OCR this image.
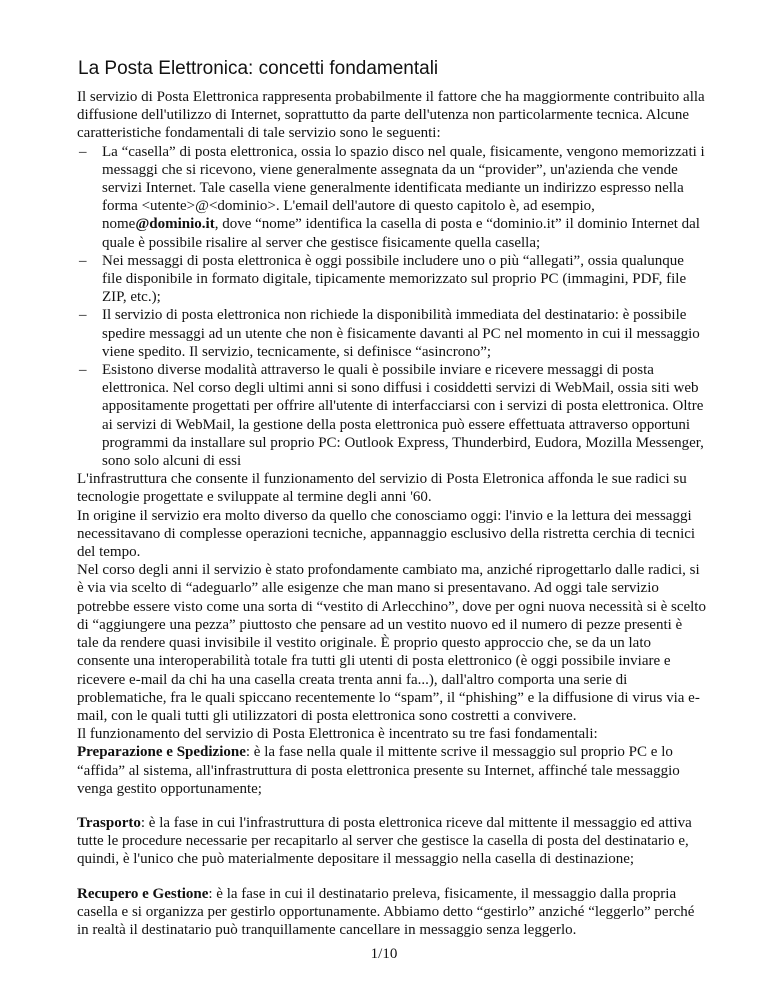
La Posta Elettronica: concetti fondamentali

Il servizio di Posta Elettronica rappresenta probabilmente il fattore che ha maggiormente contribuito alla diffusione dell'utilizzo di Internet, soprattutto da parte dell'utenza non particolarmente tecnica. Alcune caratteristiche fondamentali di tale servizio sono le seguenti:

– La “casella” di posta elettronica, ossia lo spazio disco nel quale, fisicamente, vengono memorizzati i messaggi che si ricevono, viene generalmente assegnata da un “provider”, un'azienda che vende servizi Internet. Tale casella viene generalmente identificata mediante un indirizzo espresso nella forma <utente>@<dominio>. L'email dell'autore di questo capitolo è, ad esempio, nome@dominio.it, dove “nome” identifica la casella di posta e “dominio.it” il dominio Internet dal quale è possibile risalire al server che gestisce fisicamente quella casella;
– Nei messaggi di posta elettronica è oggi possibile includere uno o più “allegati”, ossia qualunque file disponibile in formato digitale, tipicamente memorizzato sul proprio PC (immagini, PDF, file ZIP, etc.);
– Il servizio di posta elettronica non richiede la disponibilità immediata del destinatario: è possibile spedire messaggi ad un utente che non è fisicamente davanti al PC nel momento in cui il messaggio viene spedito. Il servizio, tecnicamente, si definisce “asincrono”;
– Esistono diverse modalità attraverso le quali è possibile inviare e ricevere messaggi di posta elettronica. Nel corso degli ultimi anni si sono diffusi i cosiddetti servizi di WebMail, ossia siti web appositamente progettati per offrire all'utente di interfacciarsi con i servizi di posta elettronica. Oltre ai servizi di WebMail, la gestione della posta elettronica può essere effettuata attraverso opportuni programmi da installare sul proprio PC: Outlook Express, Thunderbird, Eudora, Mozilla Messenger, sono solo alcuni di essi

L'infrastruttura che consente il funzionamento del servizio di Posta Eletronica affonda le sue radici su tecnologie progettate e sviluppate al termine degli anni '60.

In origine il servizio era molto diverso da quello che conosciamo oggi: l'invio e la lettura dei messaggi necessitavano di complesse operazioni tecniche, appannaggio esclusivo della ristretta cerchia di tecnici del tempo.

Nel corso degli anni il servizio è stato profondamente cambiato ma, anziché riprogettarlo dalle radici, si è via via scelto di “adeguarlo” alle esigenze che man mano si presentavano. Ad oggi tale servizio potrebbe essere visto come una sorta di “vestito di Arlecchino”, dove per ogni nuova necessità si è scelto di “aggiungere una pezza” piuttosto che pensare ad un vestito nuovo ed il numero di pezze presenti è tale da rendere quasi invisibile il vestito originale. È proprio questo approccio che, se da un lato consente una interoperabilità totale fra tutti gli utenti di posta elettronico (è oggi possibile inviare e ricevere e-mail da chi ha una casella creata trenta anni fa...), dall'altro comporta una serie di problematiche, fra le quali spiccano recentemente lo “spam”, il “phishing” e la diffusione di virus via e-mail, con le quali tutti gli utilizzatori di posta elettronica sono costretti a convivere.

Il funzionamento del servizio di Posta Elettronica è incentrato su tre fasi fondamentali:

Preparazione e Spedizione: è la fase nella quale il mittente scrive il messaggio sul proprio PC e lo “affida” al sistema, all'infrastruttura di posta elettronica presente su Internet, affinché tale messaggio venga gestito opportunamente;

Trasporto: è la fase in cui l'infrastruttura di posta elettronica riceve dal mittente il messaggio ed attiva tutte le procedure necessarie per recapitarlo al server che gestisce la casella di posta del destinatario e, quindi, è l'unico che può materialmente depositare il messaggio nella casella di destinazione;

Recupero e Gestione: è la fase in cui il destinatario preleva, fisicamente, il messaggio dalla propria casella e si organizza per gestirlo opportunamente. Abbiamo detto “gestirlo” anziché “leggerlo” perché in realtà il destinatario può tranquillamente cancellare in messaggio senza leggerlo.

1/10
